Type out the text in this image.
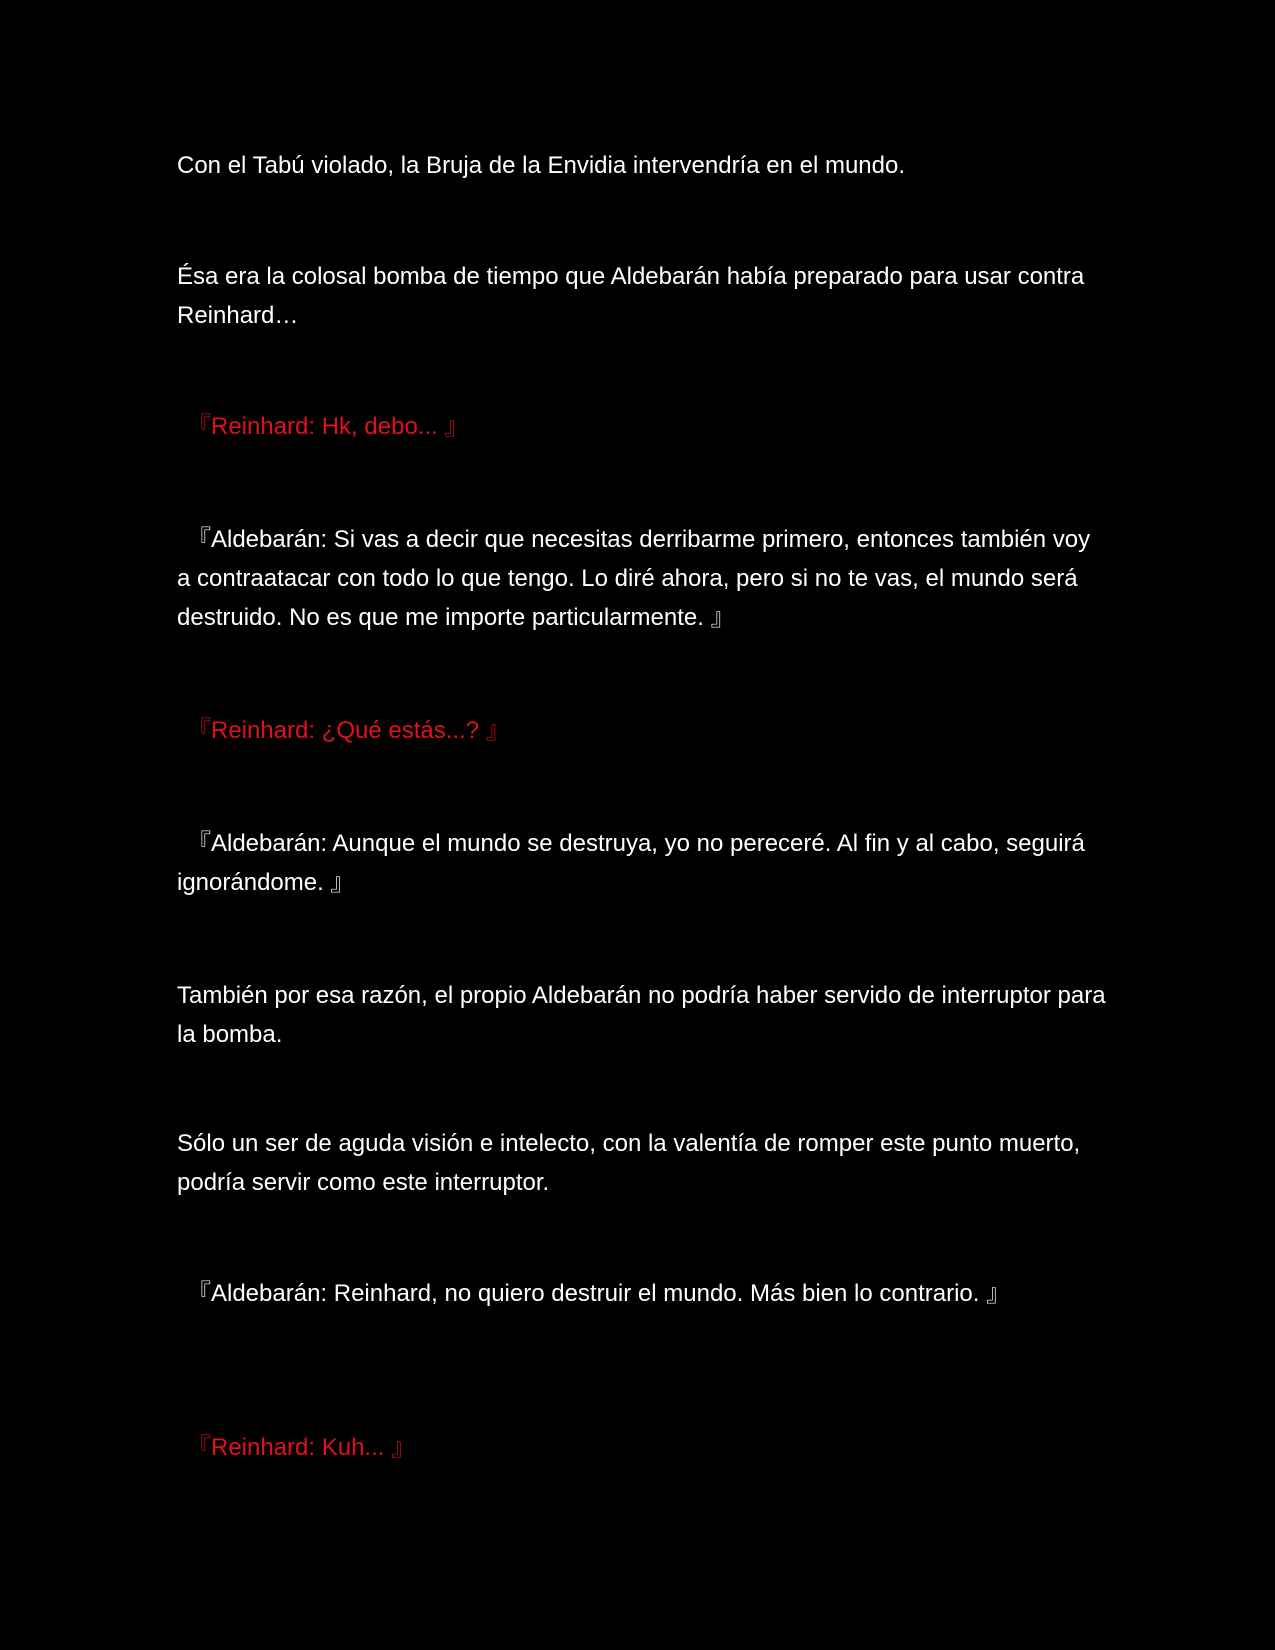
Con el Tabú violado, la Bruja de la Envidia intervendría en el mundo.

Ésa era la colosal bomba de tiempo que Aldebarán había preparado para usar contra Reinhard…

『Reinhard: Hk, debo... 』

『Aldebarán: Si vas a decir que necesitas derribarme primero, entonces también voy a contraatacar con todo lo que tengo. Lo diré ahora, pero si no te vas, el mundo será destruido. No es que me importe particularmente. 』

『Reinhard: ¿Qué estás...? 』

『Aldebarán: Aunque el mundo se destruya, yo no pereceré. Al fin y al cabo, seguirá ignorándome. 』

También por esa razón, el propio Aldebarán no podría haber servido de interruptor para la bomba.

Sólo un ser de aguda visión e intelecto, con la valentía de romper este punto muerto, podría servir como este interruptor.

『Aldebarán: Reinhard, no quiero destruir el mundo. Más bien lo contrario. 』

『Reinhard: Kuh... 』
